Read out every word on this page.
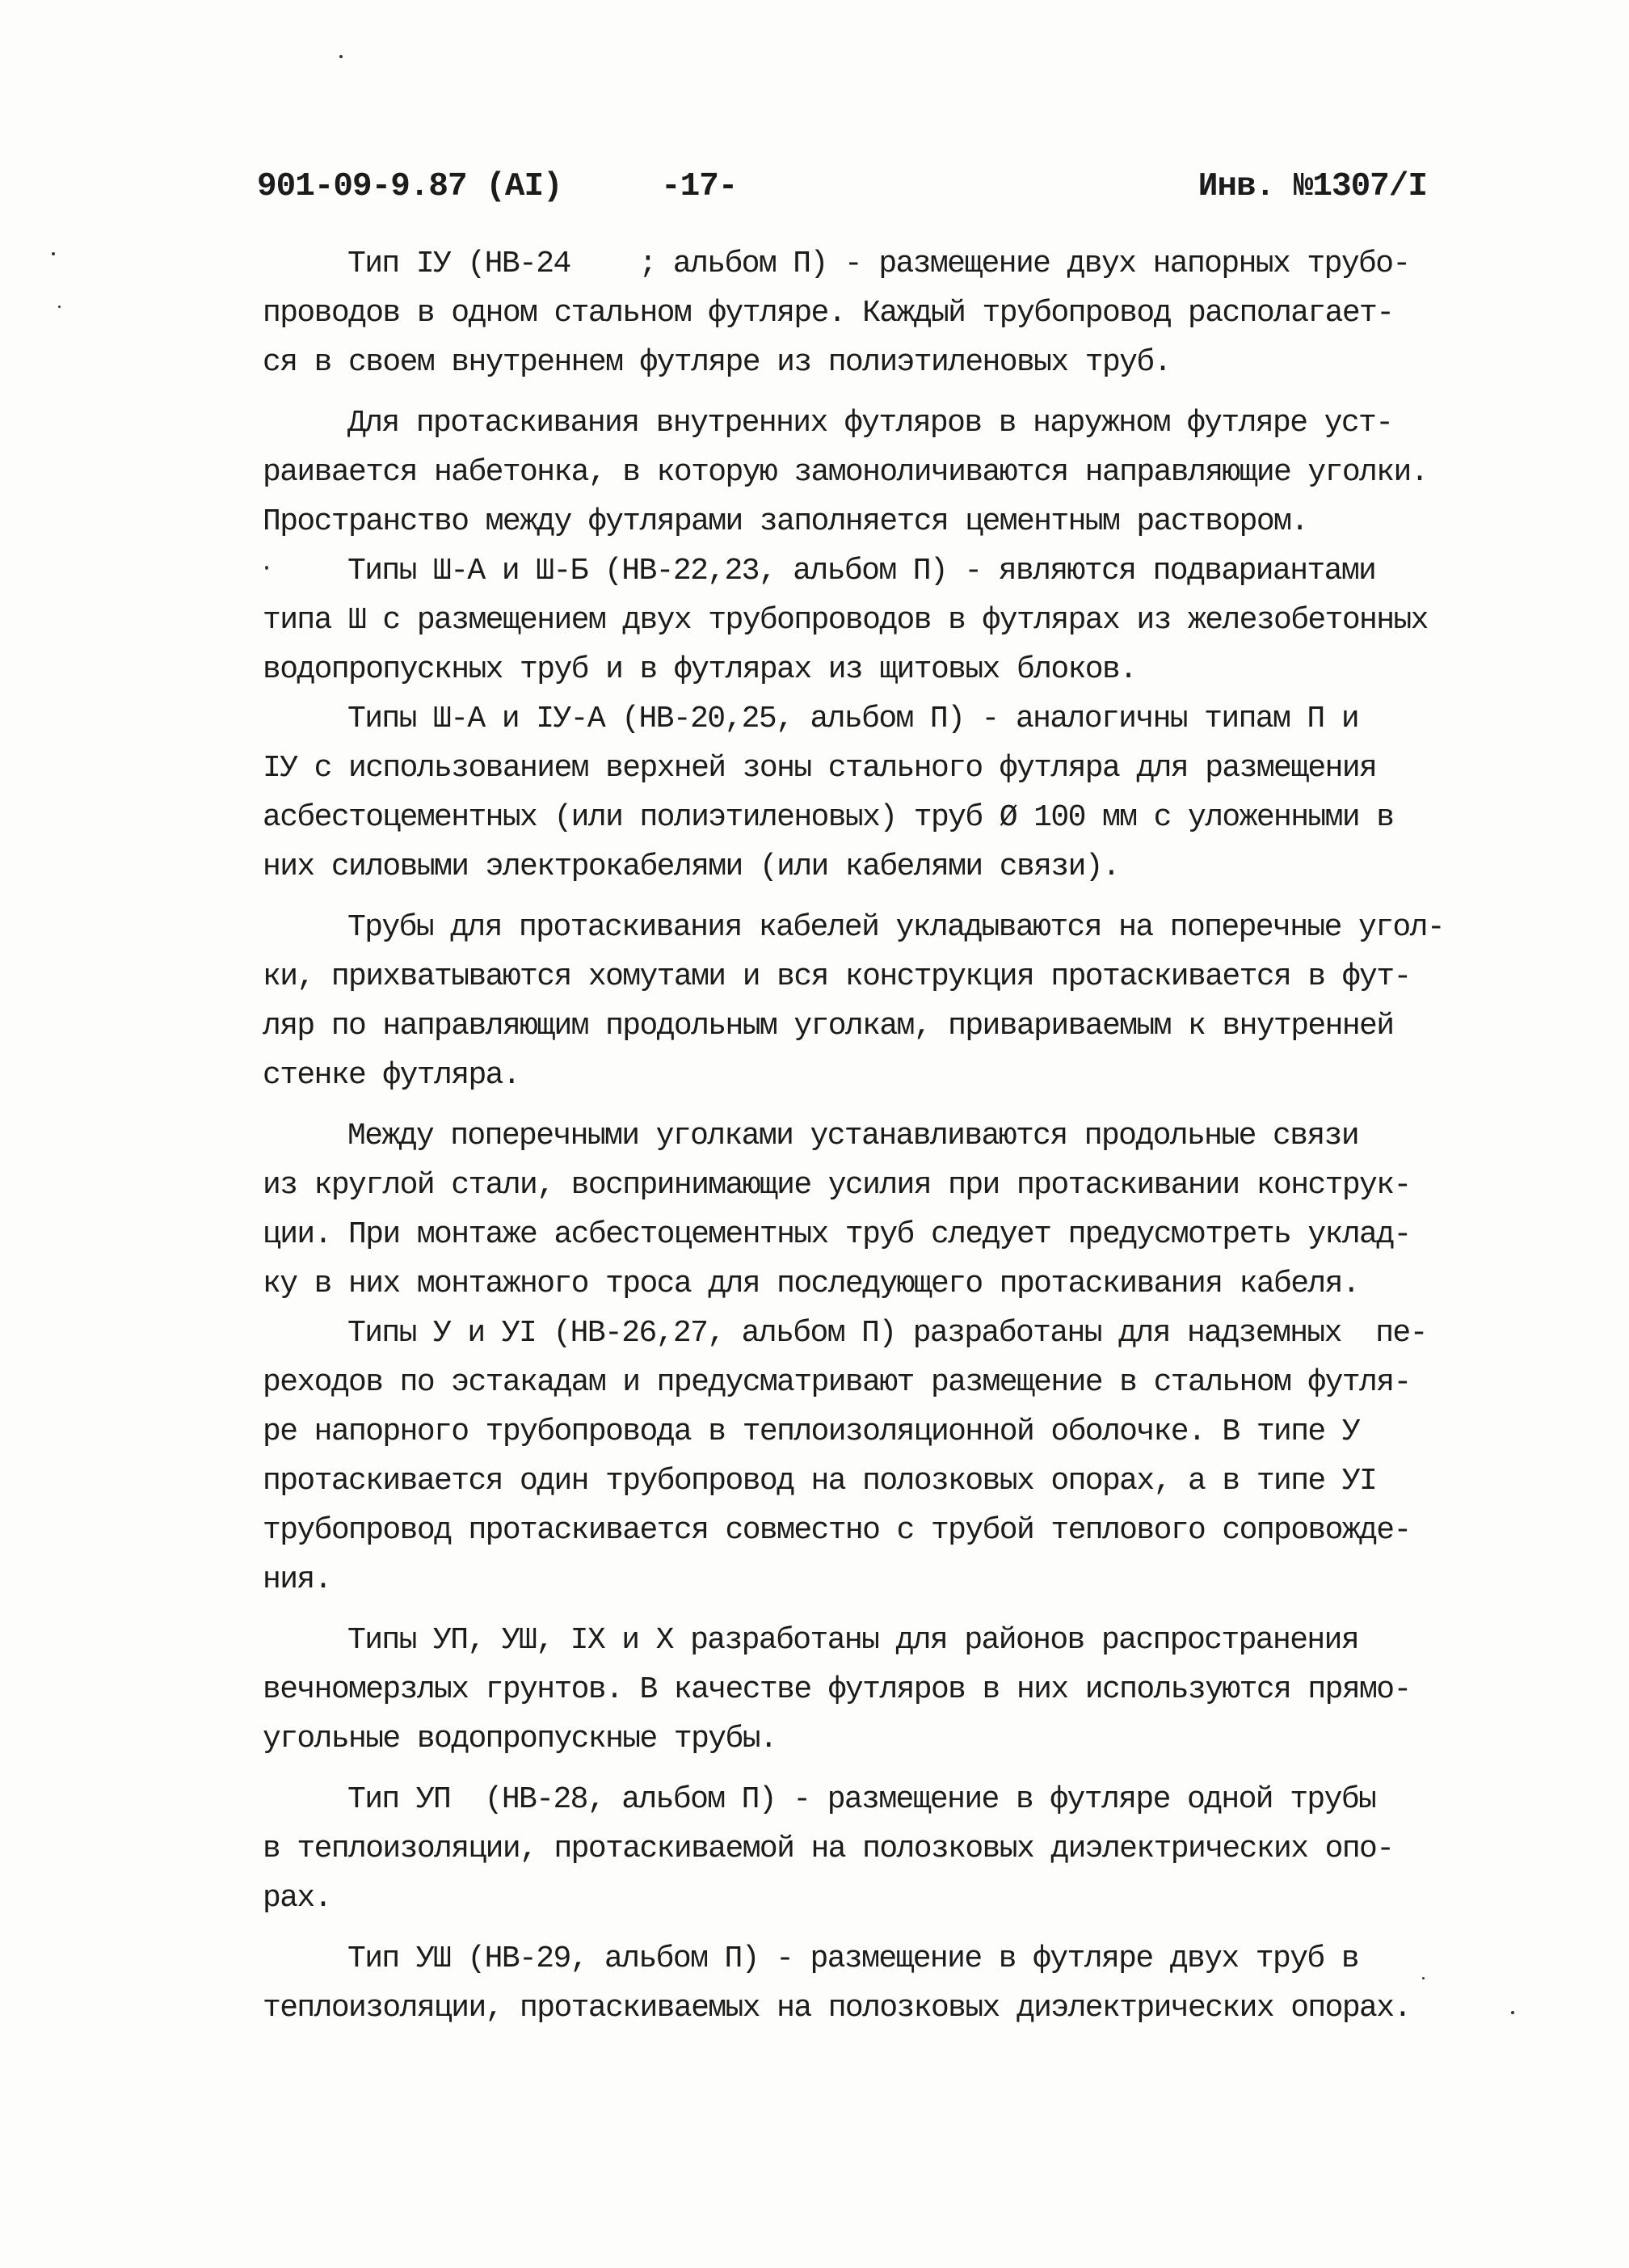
901-09-9.87 (AI)	-17-	Инв. №1307/I
Тип IУ (НВ-24    ; альбом П) - размещение двух напорных трубо-
проводов в одном стальном футляре. Каждый трубопровод располагает-
ся в своем внутреннем футляре из полиэтиленовых труб.
Для протаскивания внутренних футляров в наружном футляре уст-
раивается набетонка, в которую замоноличиваются направляющие уголки.
Пространство между футлярами заполняется цементным раствором.
Типы Ш-А и Ш-Б (НВ-22,23, альбом П) - являются подвариантами
типа Ш с размещением двух трубопроводов в футлярах из железобетонных
водопропускных труб и в футлярах из щитовых блоков.
Типы Ш-А и IУ-А (НВ-20,25, альбом П) - аналогичны типам П и
IУ с использованием верхней зоны стального футляра для размещения
асбестоцементных (или полиэтиленовых) труб Ø 100 мм с уложенными в
них силовыми электрокабелями (или кабелями связи).
Трубы для протаскивания кабелей укладываются на поперечные угол-
ки, прихватываются хомутами и вся конструкция протаскивается в фут-
ляр по направляющим продольным уголкам, привариваемым к внутренней
стенке футляра.
Между поперечными уголками устанавливаются продольные связи
из круглой стали, воспринимающие усилия при протаскивании конструк-
ции. При монтаже асбестоцементных труб следует предусмотреть уклад-
ку в них монтажного троса для последующего протаскивания кабеля.
Типы У и УI (НВ-26,27, альбом П) разработаны для надземных  пе-
реходов по эстакадам и предусматривают размещение в стальном футля-
ре напорного трубопровода в теплоизоляционной оболочке. В типе У
протаскивается один трубопровод на полозковых опорах, а в типе УI
трубопровод протаскивается совместно с трубой теплового сопровожде-
ния.
Типы УП, УШ, IX и X разработаны для районов распространения
вечномерзлых грунтов. В качестве футляров в них используются прямо-
угольные водопропускные трубы.
Тип УП  (НВ-28, альбом П) - размещение в футляре одной трубы
в теплоизоляции, протаскиваемой на полозковых диэлектрических опо-
рах.
Тип УШ (НВ-29, альбом П) - размещение в футляре двух труб в
теплоизоляции, протаскиваемых на полозковых диэлектрических опорах.
